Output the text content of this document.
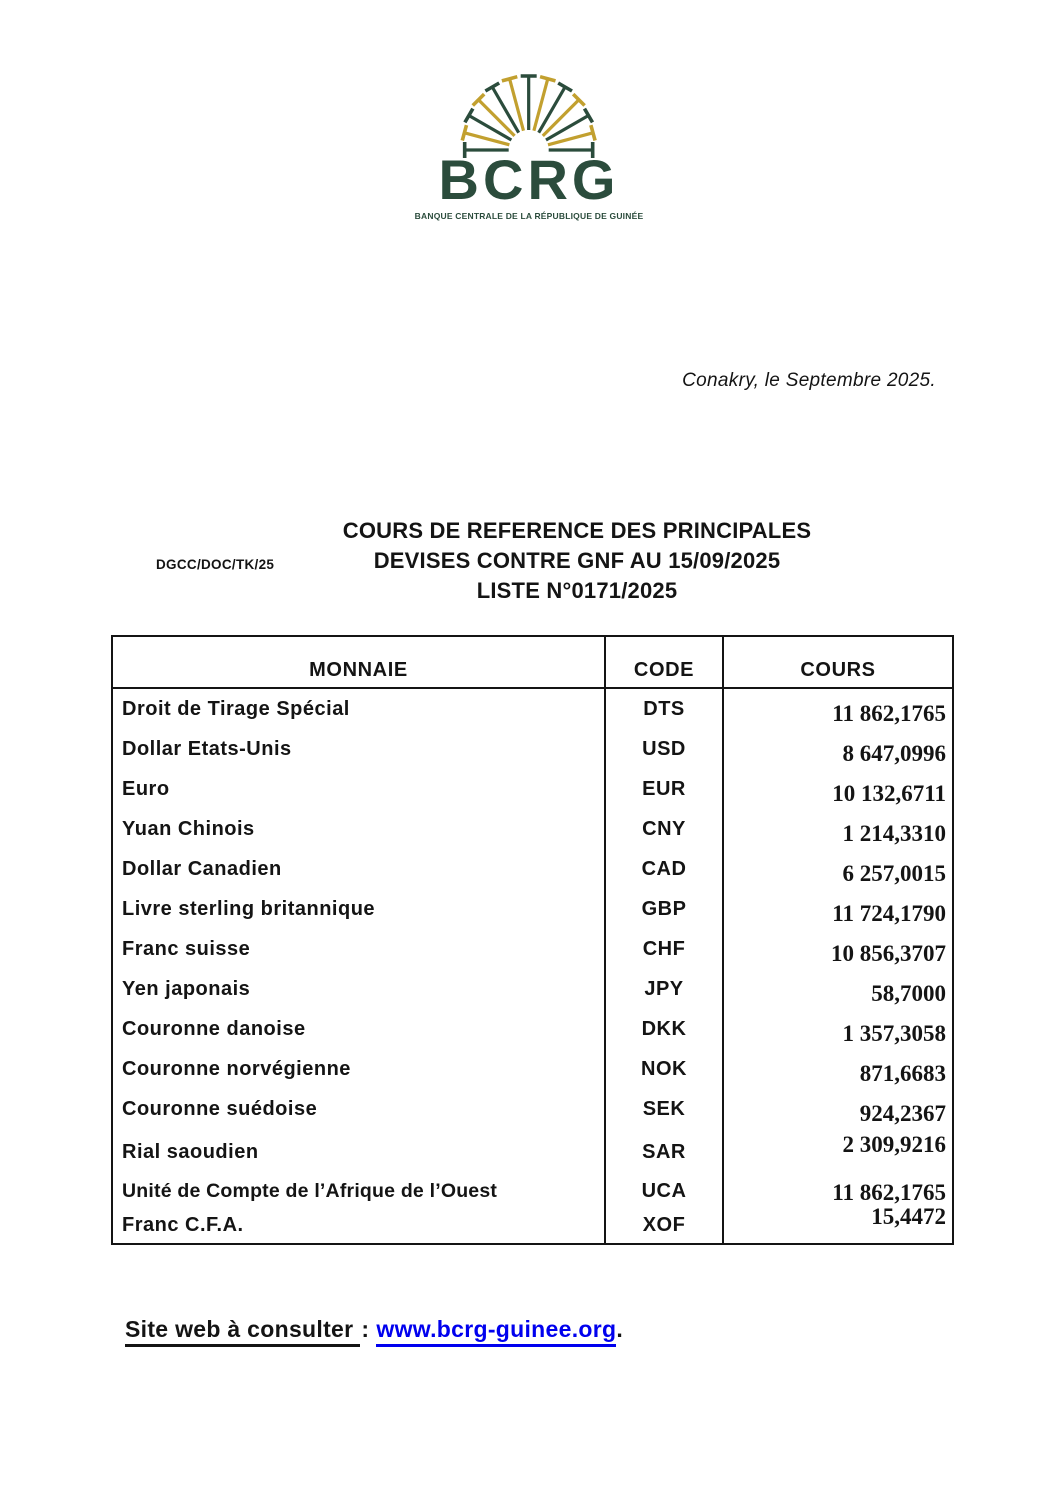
BCRG
BANQUE CENTRALE DE LA RÉPUBLIQUE DE GUINÉE
Conakry, le Septembre 2025.
DGCC/DOC/TK/25
COURS DE REFERENCE DES PRINCIPALES
DEVISES CONTRE GNF AU 15/09/2025
LISTE N°0171/2025
MONNAIE	CODE	COURS
Droit de Tirage Spécial	DTS	11 862,1765
Dollar Etats-Unis	USD	8 647,0996
Euro	EUR	10 132,6711
Yuan Chinois	CNY	1 214,3310
Dollar Canadien	CAD	6 257,0015
Livre sterling britannique	GBP	11 724,1790
Franc suisse	CHF	10 856,3707
Yen japonais	JPY	58,7000
Couronne danoise	DKK	1 357,3058
Couronne norvégienne	NOK	871,6683
Couronne suédoise	SEK	924,2367
Rial saoudien	SAR	2 309,9216
Unité de Compte de l’Afrique de l’Ouest	UCA	11 862,1765
Franc C.F.A.	XOF	15,4472
Site web à consulter : www.bcrg-guinee.org.
